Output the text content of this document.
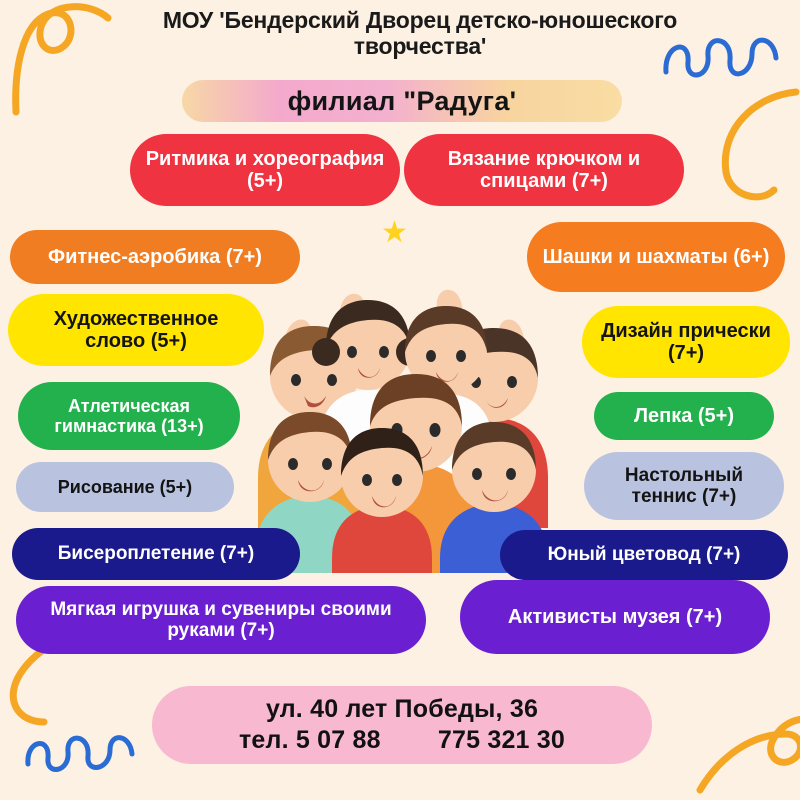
МОУ 'Бендерский Дворец детско-юношеского творчества'
филиал "Радуга'
★
Ритмика и хореография (5+)
Вязание крючком и спицами (7+)
Фитнес-аэробика (7+)	Шашки и шахматы (6+)
Художественное слово (5+)	Дизайн прически (7+)
Атлетическая гимнастика (13+)	Лепка (5+)
Рисование (5+)
Настольный теннис (7+)
Бисероплетение (7+)	Юный цветовод (7+)
Мягкая игрушка и сувениры своими руками (7+)
Активисты музея (7+)
ул. 40 лет Победы, 36
тел. 5 07 88        775 321 30
